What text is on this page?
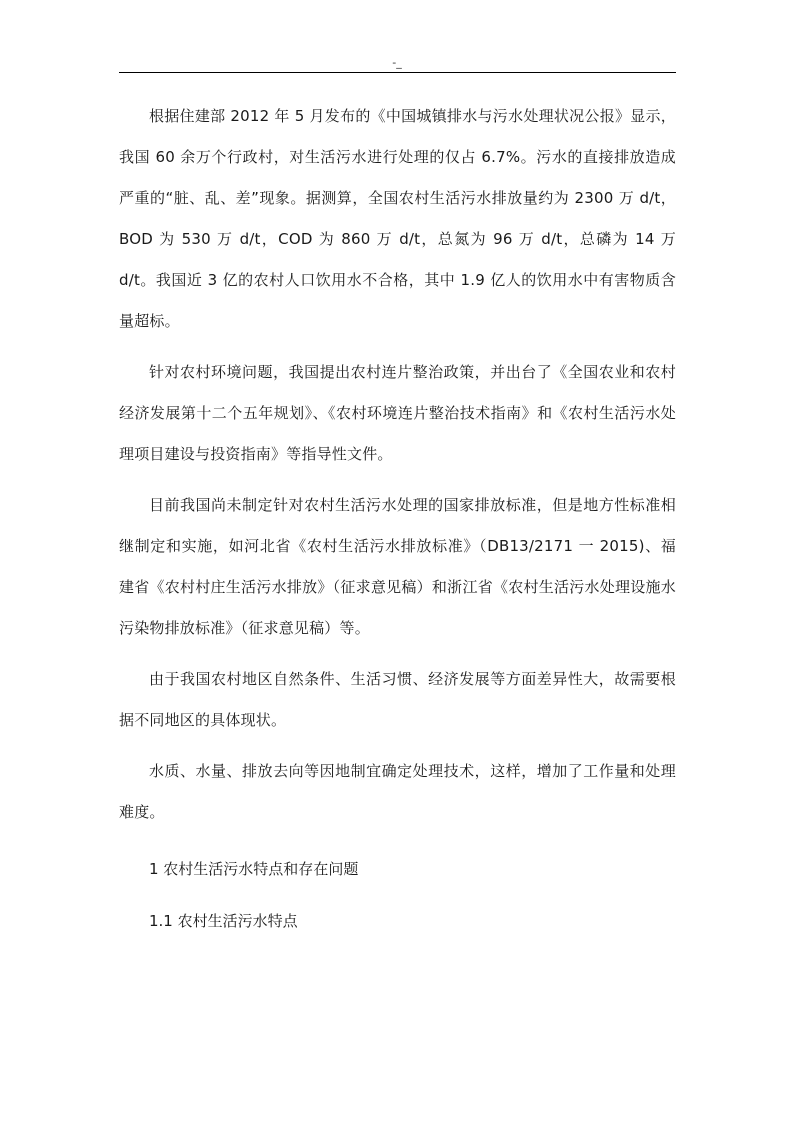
-_

根据住建部 2012 年 5 月发布的《中国城镇排水与污水处理状况公报》显示，我国 60 余万个行政村，对生活污水进行处理的仅占 6.7%。污水的直接排放造成严重的“脏、乱、差”现象。据测算，全国农村生活污水排放量约为 2300 万 d/t，BOD 为 530 万 d/t，COD 为 860 万 d/t，总氮为 96 万 d/t，总磷为 14 万 d/t。我国近 3 亿的农村人口饮用水不合格，其中 1.9 亿人的饮用水中有害物质含量超标。

针对农村环境问题，我国提出农村连片整治政策，并出台了《全国农业和农村经济发展第十二个五年规划》、《农村环境连片整治技术指南》和《农村生活污水处理项目建设与投资指南》等指导性文件。

目前我国尚未制定针对农村生活污水处理的国家排放标准，但是地方性标准相继制定和实施，如河北省《农村生活污水排放标准》（DB13/2171 一 2015)、福建省《农村村庄生活污水排放》（征求意见稿）和浙江省《农村生活污水处理设施水污染物排放标准》（征求意见稿）等。

由于我国农村地区自然条件、生活习惯、经济发展等方面差异性大，故需要根据不同地区的具体现状。

水质、水量、排放去向等因地制宜确定处理技术，这样，增加了工作量和处理难度。

1 农村生活污水特点和存在问题

1.1 农村生活污水特点
